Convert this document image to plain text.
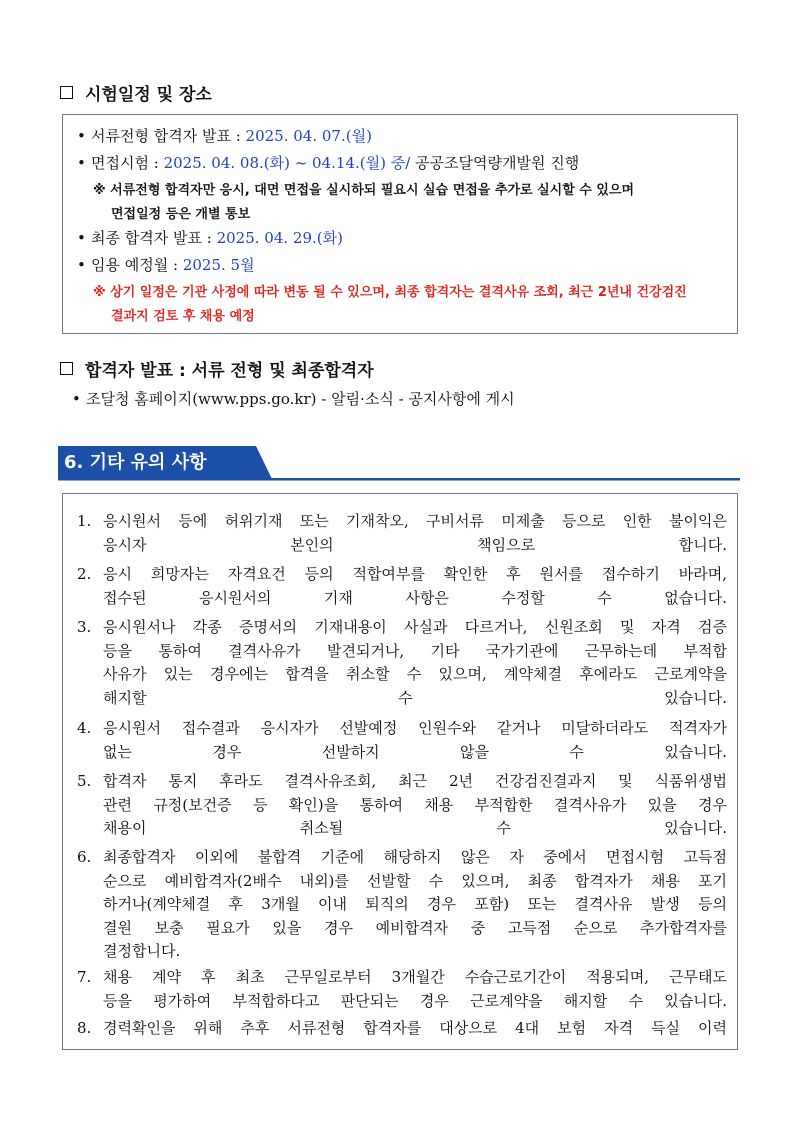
시험일정 및 장소
• 서류전형 합격자 발표 : 2025. 04. 07.(월)
• 면접시험 : 2025. 04. 08.(화) ~ 04.14.(월) 중/ 공공조달역량개발원 진행
※ 서류전형 합격자만 응시, 대면 면접을 실시하되 필요시 실습 면접을 추가로 실시할 수 있으며
면접일정 등은 개별 통보
• 최종 합격자 발표 : 2025. 04. 29.(화)
• 임용 예정월 : 2025. 5월
※ 상기 일정은 기관 사정에 따라 변동 될 수 있으며, 최종 합격자는 결격사유 조회, 최근 2년내 건강검진
결과지 검토 후 채용 예정
합격자 발표 : 서류 전형 및 최종합격자
• 조달청 홈페이지(www.pps.go.kr) - 알림·소식 - 공지사항에 게시
6. 기타 유의 사항
1. 응시원서 등에 허위기재 또는 기재착오, 구비서류 미제출 등으로 인한 불이익은
응시자 본인의 책임으로 합니다.
2. 응시 희망자는 자격요건 등의 적합여부를 확인한 후 원서를 접수하기 바라며,
접수된 응시원서의 기재 사항은 수정할 수 없습니다.
3. 응시원서나 각종 증명서의 기재내용이 사실과 다르거나, 신원조회 및 자격 검증
등을 통하여 결격사유가 발견되거나, 기타 국가기관에 근무하는데 부적합
사유가 있는 경우에는 합격을 취소할 수 있으며, 계약체결 후에라도 근로계약을
해지할 수 있습니다.
4. 응시원서 접수결과 응시자가 선발예정 인원수와 같거나 미달하더라도 적격자가
없는 경우 선발하지 않을 수 있습니다.
5. 합격자 통지 후라도 결격사유조회, 최근 2년 건강검진결과지 및 식품위생법
관련 규정(보건증 등 확인)을 통하여 채용 부적합한 결격사유가 있을 경우
채용이 취소될 수 있습니다.
6. 최종합격자 이외에 불합격 기준에 해당하지 않은 자 중에서 면접시험 고득점
순으로 예비합격자(2배수 내외)를 선발할 수 있으며, 최종 합격자가 채용 포기
하거나(계약체결 후 3개월 이내 퇴직의 경우 포함) 또는 결격사유 발생 등의
결원 보충 필요가 있을 경우 예비합격자 중 고득점 순으로 추가합격자를
결정합니다.
7. 채용 계약 후 최초 근무일로부터 3개월간 수습근로기간이 적용되며, 근무태도
등을 평가하여 부적합하다고 판단되는 경우 근로계약을 해지할 수 있습니다.
8. 경력확인을 위해 추후 서류전형 합격자를 대상으로 4대 보험 자격 득실 이력
